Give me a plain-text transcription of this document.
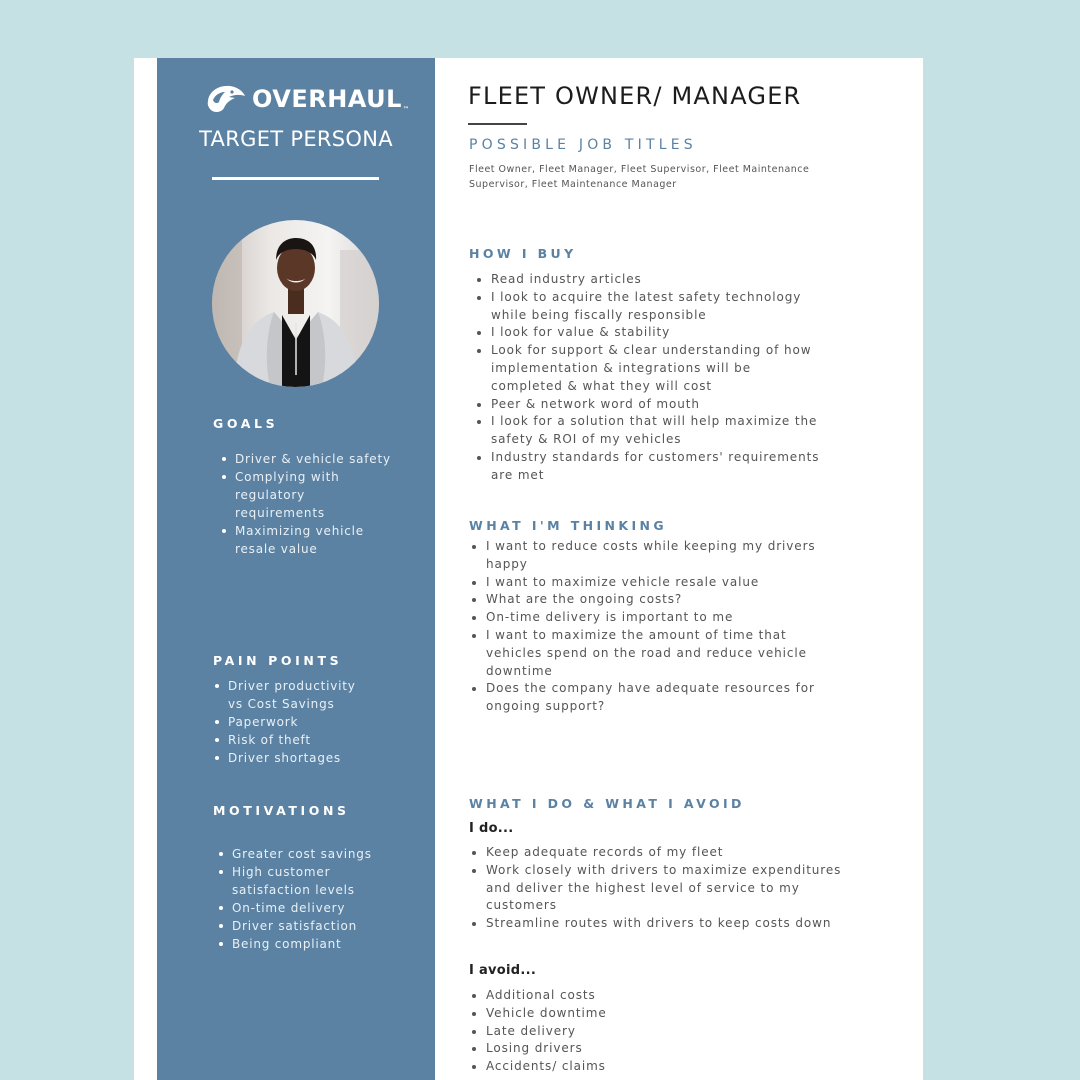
OVERHAUL™
TARGET PERSONA
GOALS
Driver & vehicle safety
Complying with regulatory requirements
Maximizing vehicle resale value
PAIN POINTS
Driver productivity vs Cost Savings
Paperwork
Risk of theft
Driver shortages
MOTIVATIONS
Greater cost savings
High customer satisfaction levels
On-time delivery
Driver satisfaction
Being compliant
FLEET OWNER/ MANAGER
POSSIBLE JOB TITLES
Fleet Owner, Fleet Manager, Fleet Supervisor, Fleet Maintenance Supervisor, Fleet Maintenance Manager
HOW I BUY
Read industry articles
I look to acquire the latest safety technology while being fiscally responsible
I look for value & stability
Look for support & clear understanding of how implementation & integrations will be completed & what they will cost
Peer & network word of mouth
I look for a solution that will help maximize the safety & ROI of my vehicles
Industry standards for customers' requirements are met
WHAT I'M THINKING
I want to reduce costs while keeping my drivers happy
I want to maximize vehicle resale value
What are the ongoing costs?
On-time delivery is important to me
I want to maximize the amount of time that vehicles spend on the road and reduce vehicle downtime
Does the company have adequate resources for ongoing support?
WHAT I DO & WHAT I AVOID
I do...
Keep adequate records of my fleet
Work closely with drivers to maximize expenditures and deliver the highest level of service to my customers
Streamline routes with drivers to keep costs down
I avoid...
Additional costs
Vehicle downtime
Late delivery
Losing drivers
Accidents/ claims
